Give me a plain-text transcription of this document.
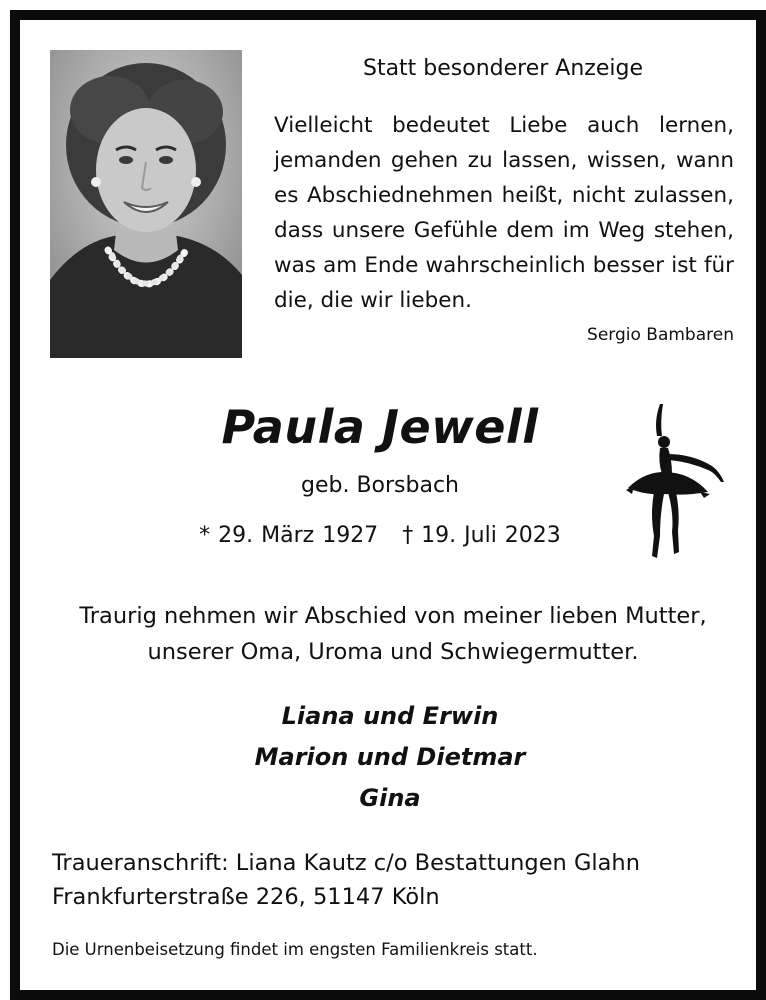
Statt besonderer Anzeige

Vielleicht bedeutet Liebe auch lernen,

jemanden gehen zu lassen, wissen, wann

es Abschiednehmen heißt, nicht zulassen,

dass unsere Gefühle dem im Weg stehen,

was am Ende wahrscheinlich besser ist für

die, die wir lieben.

Sergio Bambaren
Paula Jewell
geb. Borsbach
* 29. März 1927 † 19. Juli 2023
Traurig nehmen wir Abschied von meiner lieben Mutter,
unserer Oma, Uroma und Schwiegermutter.
Liana und Erwin
Marion und Dietmar
Gina
Traueranschrift: Liana Kautz c/o Bestattungen Glahn
Frankfurterstraße 226, 51147 Köln
Die Urnenbeisetzung findet im engsten Familienkreis statt.
